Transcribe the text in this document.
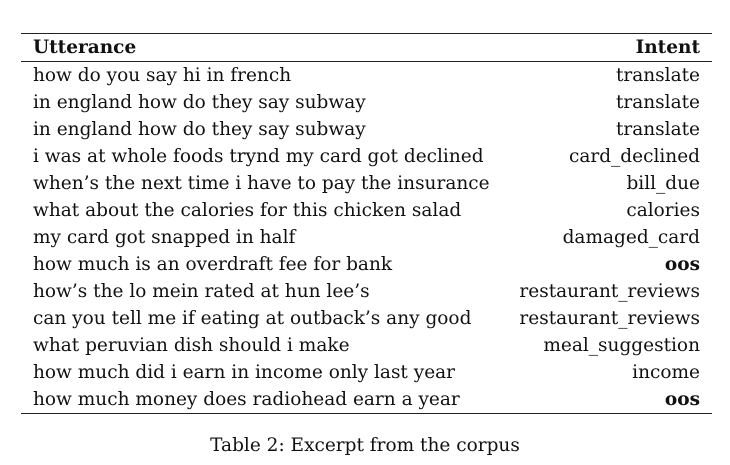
Utterance	Intent
how do you say hi in french	translate
in england how do they say subway	translate
in england how do they say subway	translate
i was at whole foods trynd my card got declined	card_declined
when’s the next time i have to pay the insurance	bill_due
what about the calories for this chicken salad	calories
my card got snapped in half	damaged_card
how much is an overdraft fee for bank	oos
how’s the lo mein rated at hun lee’s	restaurant_reviews
can you tell me if eating at outback’s any good	restaurant_reviews
what peruvian dish should i make	meal_suggestion
how much did i earn in income only last year	income
how much money does radiohead earn a year	oos
Table 2: Excerpt from the corpus
